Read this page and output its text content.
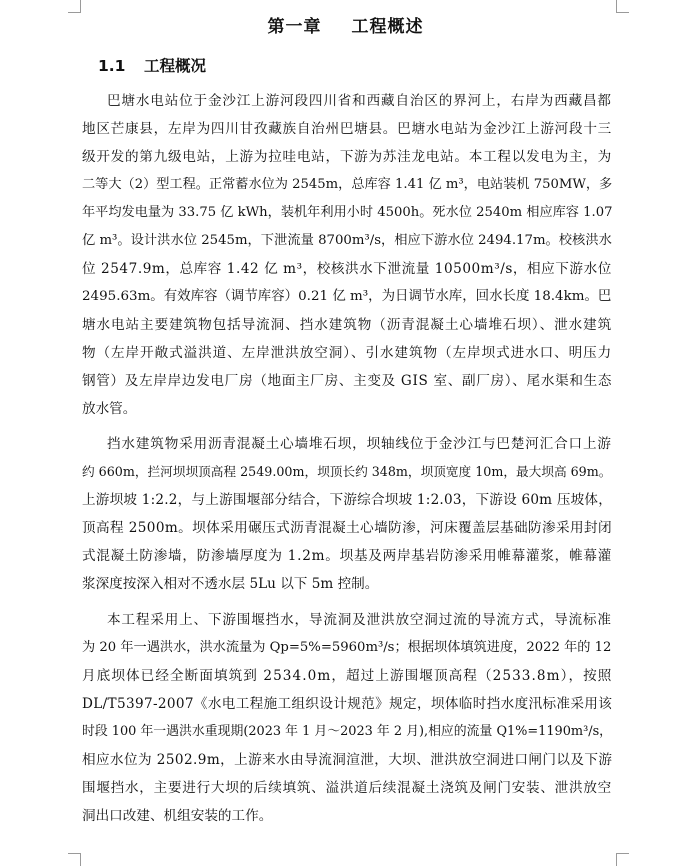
第一章 工程概述
1.1 工程概况
巴塘水电站位于金沙江上游河段四川省和西藏自治区的界河上，右岸为西藏昌都
地区芒康县，左岸为四川甘孜藏族自治州巴塘县。巴塘水电站为金沙江上游河段十三
级开发的第九级电站，上游为拉哇电站，下游为苏洼龙电站。本工程以发电为主，为
二等大（2）型工程。正常蓄水位为 2545m，总库容 1.41 亿 m³，电站装机 750MW，多
年平均发电量为 33.75 亿 kWh，装机年利用小时 4500h。死水位 2540m 相应库容 1.07
亿 m³。设计洪水位 2545m，下泄流量 8700m³/s，相应下游水位 2494.17m。校核洪水
位 2547.9m，总库容 1.42 亿 m³，校核洪水下泄流量 10500m³/s，相应下游水位
2495.63m。有效库容（调节库容）0.21 亿 m³，为日调节水库，回水长度 18.4km。巴
塘水电站主要建筑物包括导流洞、挡水建筑物（沥青混凝土心墙堆石坝）、泄水建筑
物（左岸开敞式溢洪道、左岸泄洪放空洞）、引水建筑物（左岸坝式进水口、明压力
钢管）及左岸岸边发电厂房（地面主厂房、主变及 GIS 室、副厂房）、尾水渠和生态
放水管。
挡水建筑物采用沥青混凝土心墙堆石坝，坝轴线位于金沙江与巴楚河汇合口上游
约 660m，拦河坝坝顶高程 2549.00m，坝顶长约 348m，坝顶宽度 10m，最大坝高 69m。
上游坝坡 1:2.2，与上游围堰部分结合，下游综合坝坡 1:2.03，下游设 60m 压坡体，
顶高程 2500m。坝体采用碾压式沥青混凝土心墙防渗，河床覆盖层基础防渗采用封闭
式混凝土防渗墙，防渗墙厚度为 1.2m。坝基及两岸基岩防渗采用帷幕灌浆，帷幕灌
浆深度按深入相对不透水层 5Lu 以下 5m 控制。
本工程采用上、下游围堰挡水，导流洞及泄洪放空洞过流的导流方式，导流标准
为 20 年一遇洪水，洪水流量为 Qp=5%=5960m³/s；根据坝体填筑进度，2022 年的 12
月底坝体已经全断面填筑到 2534.0m，超过上游围堰顶高程（2533.8m），按照
DL/T5397-2007《水电工程施工组织设计规范》规定，坝体临时挡水度汛标准采用该
时段 100 年一遇洪水重现期(2023 年 1 月～2023 年 2 月),相应的流量 Q1%=1190m³/s，
相应水位为 2502.9m，上游来水由导流洞渲泄，大坝、泄洪放空洞进口闸门以及下游
围堰挡水，主要进行大坝的后续填筑、溢洪道后续混凝土浇筑及闸门安装、泄洪放空
洞出口改建、机组安装的工作。
